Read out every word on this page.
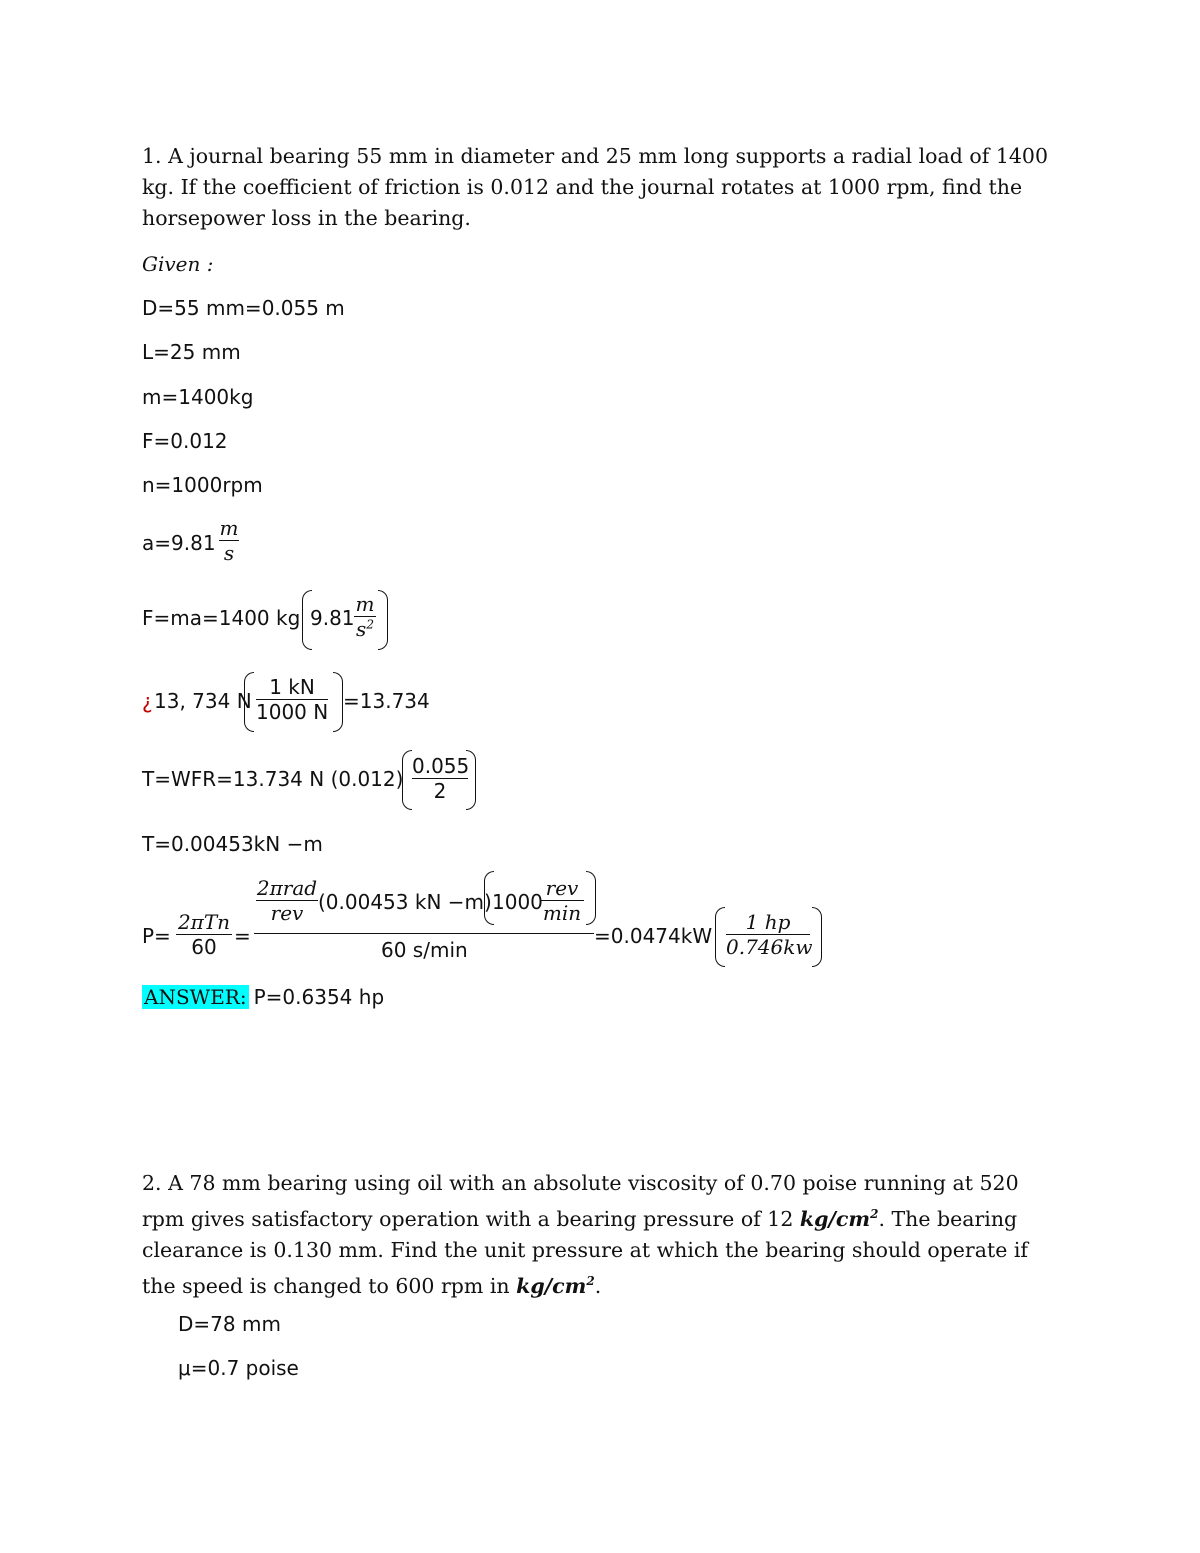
1. A journal bearing 55 mm in diameter and 25 mm long supports a radial load of 1400 kg. If the coefficient of friction is 0.012 and the journal rotates at 1000 rpm, find the horsepower loss in the bearing.
Given :
D=55 mm=0.055 m
L=25 mm
m=1400kg
F=0.012
n=1000rpm
a=9.81
m
s
F=ma=1400 kg 9.81
m
$s^2$
¿ 13, 734 N
1 kN
1000 N =13.734
T=WFR=13.734 N (0.012)
0.055
2
T=0.00453kN −m
P=
2πTn
60 =
2πrad
rev (0.00453 kN −m) 1000
rev
min
60 s/min
=0.0474kW
1 hp
0.746kw
ANSWER: P=0.6354 hp
2. A 78 mm bearing using oil with an absolute viscosity of 0.70 poise running at 520 rpm gives satisfactory operation with a bearing pressure of 12 $kg/cm^2$. The bearing clearance is 0.130 mm. Find the unit pressure at which the bearing should operate if the speed is changed to 600 rpm in $kg/cm^2$.
D=78 mm
μ=0.7 poise
